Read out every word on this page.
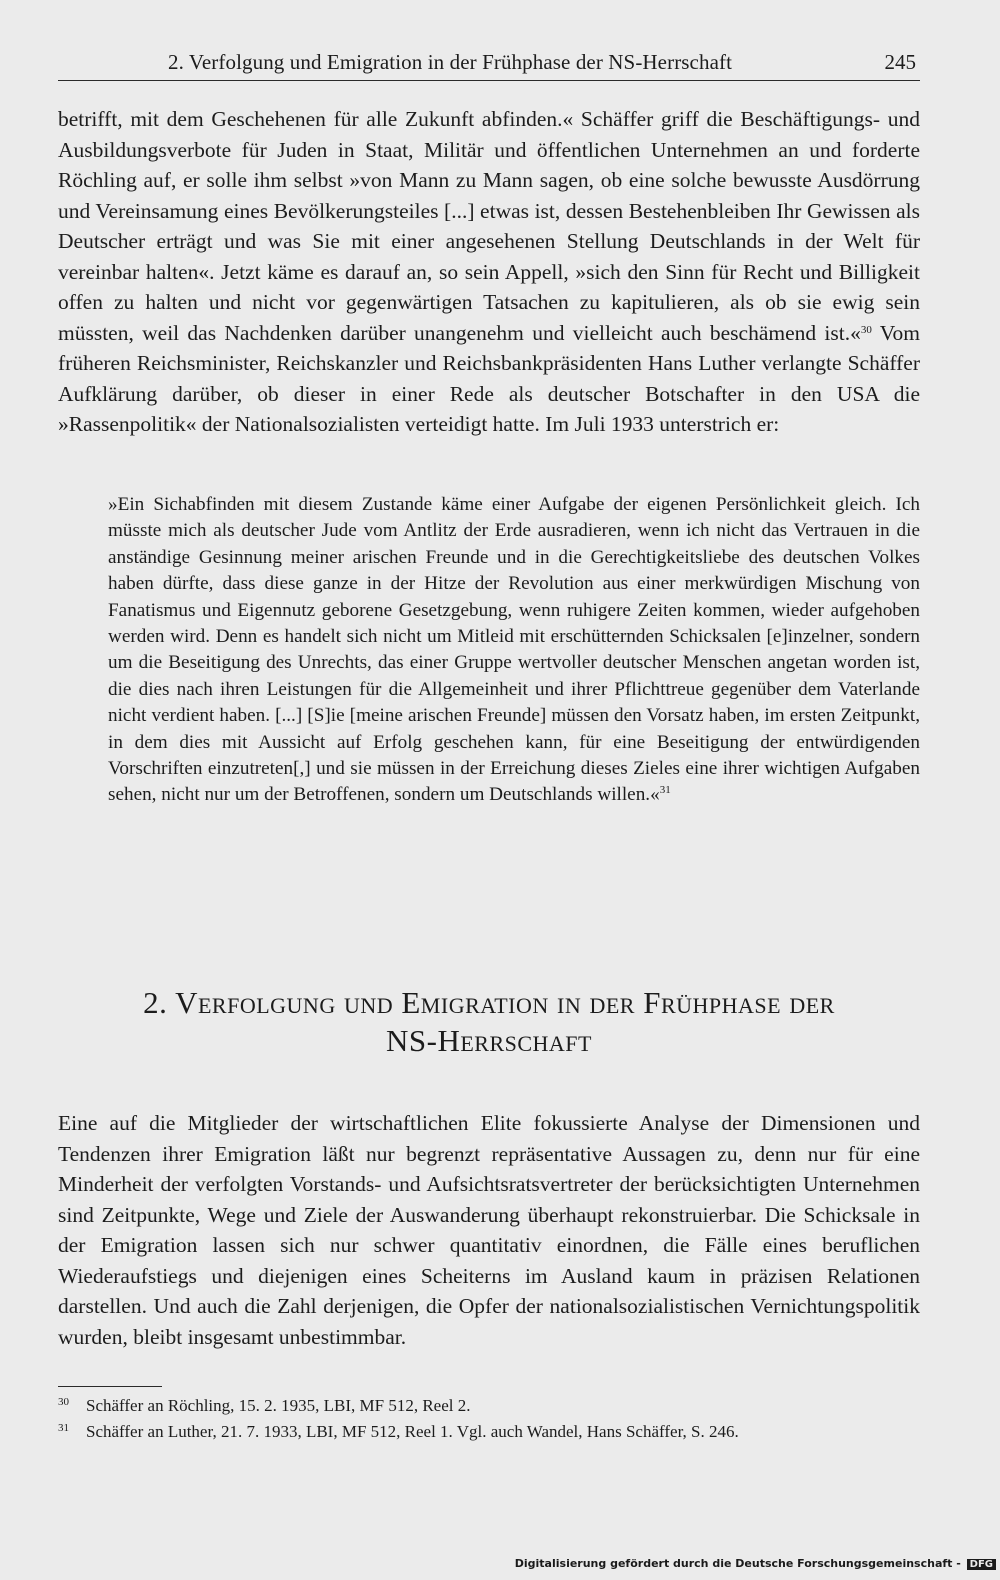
2. Verfolgung und Emigration in der Frühphase der NS-Herrschaft	245

betrifft, mit dem Geschehenen für alle Zukunft abfinden.« Schäffer griff die Beschäftigungs- und Ausbildungsverbote für Juden in Staat, Militär und öffentlichen Unternehmen an und forderte Röchling auf, er solle ihm selbst »von Mann zu Mann sagen, ob eine solche bewusste Ausdörrung und Vereinsamung eines Bevölkerungsteiles [...] etwas ist, dessen Bestehenbleiben Ihr Gewissen als Deutscher erträgt und was Sie mit einer angesehenen Stellung Deutschlands in der Welt für vereinbar halten«. Jetzt käme es darauf an, so sein Appell, »sich den Sinn für Recht und Billigkeit offen zu halten und nicht vor gegenwärtigen Tatsachen zu kapitulieren, als ob sie ewig sein müssten, weil das Nachdenken darüber unangenehm und vielleicht auch beschämend ist.«$^{30}$ Vom früheren Reichsminister, Reichskanzler und Reichsbankpräsidenten Hans Luther verlangte Schäffer Aufklärung darüber, ob dieser in einer Rede als deutscher Botschafter in den USA die »Rassenpolitik« der Nationalsozialisten verteidigt hatte. Im Juli 1933 unterstrich er:

»Ein Sichabfinden mit diesem Zustande käme einer Aufgabe der eigenen Persönlichkeit gleich. Ich müsste mich als deutscher Jude vom Antlitz der Erde ausradieren, wenn ich nicht das Vertrauen in die anständige Gesinnung meiner arischen Freunde und in die Gerechtigkeitsliebe des deutschen Volkes haben dürfte, dass diese ganze in der Hitze der Revolution aus einer merkwürdigen Mischung von Fanatismus und Eigennutz geborene Gesetzgebung, wenn ruhigere Zeiten kommen, wieder aufgehoben werden wird. Denn es handelt sich nicht um Mitleid mit erschütternden Schicksalen [e]inzelner, sondern um die Beseitigung des Unrechts, das einer Gruppe wertvoller deutscher Menschen angetan worden ist, die dies nach ihren Leistungen für die Allgemeinheit und ihrer Pflichttreue gegenüber dem Vaterlande nicht verdient haben. [...] [S]ie [meine arischen Freunde] müssen den Vorsatz haben, im ersten Zeitpunkt, in dem dies mit Aussicht auf Erfolg geschehen kann, für eine Beseitigung der entwürdigenden Vorschriften einzutreten[,] und sie müssen in der Erreichung dieses Zieles eine ihrer wichtigen Aufgaben sehen, nicht nur um der Betroffenen, sondern um Deutschlands willen.«$^{31}$

2. Verfolgung und Emigration in der Frühphase der
NS-Herrschaft

Eine auf die Mitglieder der wirtschaftlichen Elite fokussierte Analyse der Dimensionen und Tendenzen ihrer Emigration läßt nur begrenzt repräsentative Aussagen zu, denn nur für eine Minderheit der verfolgten Vorstands- und Aufsichtsratsvertreter der berücksichtigten Unternehmen sind Zeitpunkte, Wege und Ziele der Auswanderung überhaupt rekonstruierbar. Die Schicksale in der Emigration lassen sich nur schwer quantitativ einordnen, die Fälle eines beruflichen Wiederaufstiegs und diejenigen eines Scheiterns im Ausland kaum in präzisen Relationen darstellen. Und auch die Zahl derjenigen, die Opfer der nationalsozialistischen Vernichtungspolitik wurden, bleibt insgesamt unbestimmbar.

30 Schäffer an Röchling, 15. 2. 1935, LBI, MF 512, Reel 2.

31 Schäffer an Luther, 21. 7. 1933, LBI, MF 512, Reel 1. Vgl. auch Wandel, Hans Schäffer, S. 246.

Digitalisierung gefördert durch die Deutsche Forschungsgemeinschaft - DFG
